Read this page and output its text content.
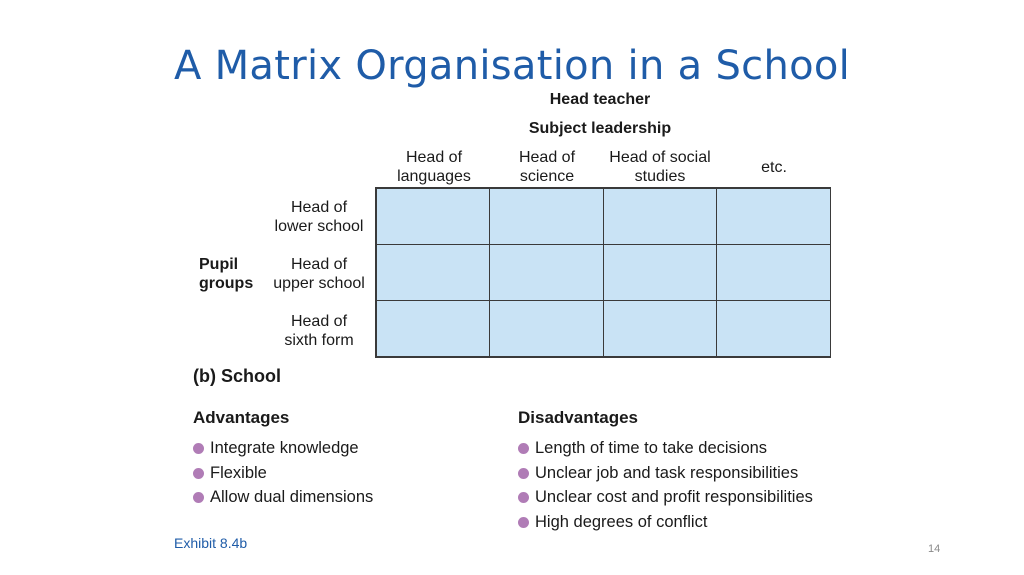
A Matrix Organisation in a School
Head teacher
Subject leadership
Head of
languages
Head of
science
Head of social
studies
etc.
Pupil
groups
Head of
lower school
Head of
upper school
Head of
sixth form
(b) School
Advantages
Integrate knowledge
Flexible
Allow dual dimensions
Disadvantages
Length of time to take decisions
Unclear job and task responsibilities
Unclear cost and profit responsibilities
High degrees of conflict
Exhibit 8.4b	14
